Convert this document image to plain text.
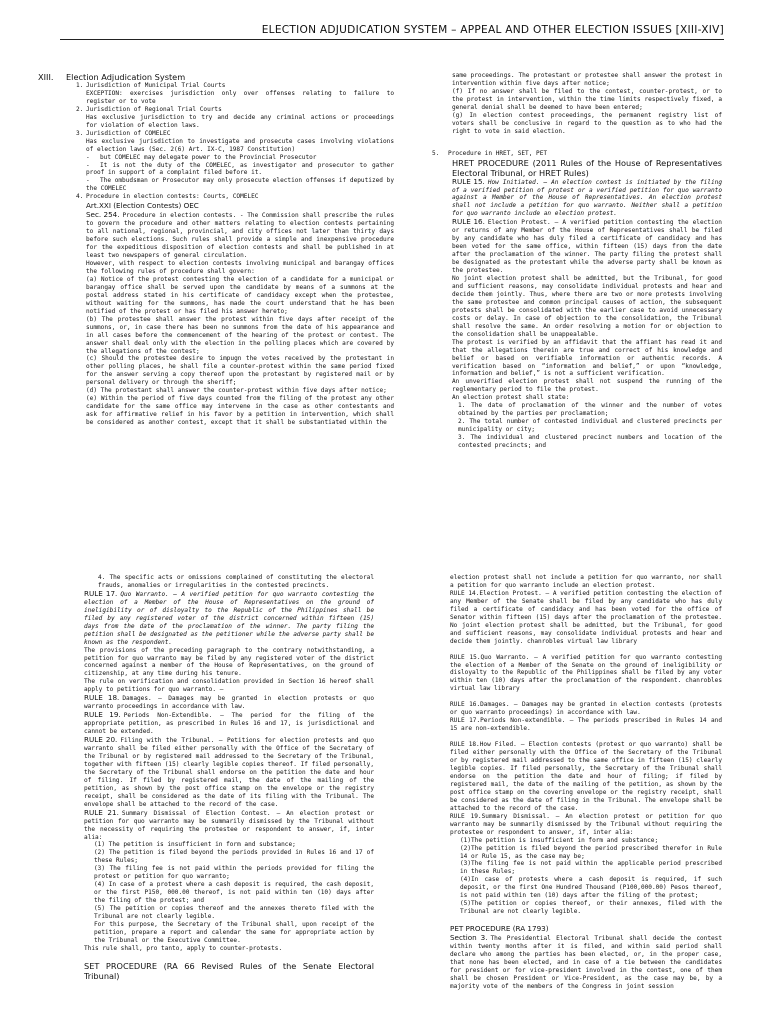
ELECTION ADJUDICATION SYSTEM – APPEAL AND OTHER ELECTION ISSUES [XIII-XIV]

XIII. Election Adjudication System

1. Jurisdiction of Municipal Trial Courts

EXCEPTION: exercises jurisdiction only over offenses relating to failure to register or to vote

2. Jurisdiction of Regional Trial Courts

Has exclusive jurisdiction to try and decide any criminal actions or proceedings for violation of election laws.

3. Jurisdiction of COMELEC

Has exclusive jurisdiction to investigate and prosecute cases involving violations of election laws (Sec. 2(6) Art. IX-C, 1987 Constitution)

- but COMELEC may delegate power to the Provincial Prosecutor

- It is not the duty of the COMELEC, as investigator and prosecutor to gather proof in support of a complaint filed before it.

- The ombudsman or Prosecutor may only prosecute election offenses if deputized by the COMELEC

4. Procedure in election contests: Courts, COMELEC

Art.XXI (Election Contests) OEC

Sec. 254. Procedure in election contests. - The Commission shall prescribe the rules to govern the procedure and other matters relating to election contests pertaining to all national, regional, provincial, and city offices not later than thirty days before such elections. Such rules shall provide a simple and inexpensive procedure for the expeditious disposition of election contests and shall be published in at least two newspapers of general circulation.

However, with respect to election contests involving municipal and barangay offices the following rules of procedure shall govern:

(a) Notice of the protest contesting the election of a candidate for a municipal or barangay office shall be served upon the candidate by means of a summons at the postal address stated in his certificate of candidacy except when the protestee, without waiting for the summons, has made the court understand that he has been notified of the protest or has filed his answer hereto;

(b) The protestee shall answer the protest within five days after receipt of the summons, or, in case there has been no summons from the date of his appearance and in all cases before the commencement of the hearing of the protest or contest. The answer shall deal only with the election in the polling places which are covered by the allegations of the contest;

(c) Should the protestee desire to impugn the votes received by the protestant in other polling places, he shall file a counter-protest within the same period fixed for the answer serving a copy thereof upon the protestant by registered mail or by personal delivery or through the sheriff;

(d) The protestant shall answer the counter-protest within five days after notice;

(e) Within the period of five days counted from the filing of the protest any other candidate for the same office may intervene in the case as other contestants and ask for affirmative relief in his favor by a petition in intervention, which shall be considered as another contest, except that it shall be substantiated within the

same proceedings. The protestant or protestee shall answer the protest in intervention within five days after notice;

(f) If no answer shall be filed to the contest, counter-protest, or to the protest in intervention, within the time limits respectively fixed, a general denial shall be deemed to have been entered;

(g) In election contest proceedings, the permanent registry list of voters shall be conclusive in regard to the question as to who had the right to vote in said election.

5. Procedure in HRET, SET, PET

HRET PROCEDURE (2011 Rules of the House of Representatives Electoral Tribunal, or HRET Rules)

RULE 15. How Initiated. – An election contest is initiated by the filing of a verified petition of protest or a verified petition for quo warranto against a Member of the House of Representatives. An election protest shall not include a petition for quo warranto. Neither shall a petition for quo warranto include an election protest.

RULE 16. Election Protest. – A verified petition contesting the election or returns of any Member of the House of Representatives shall be filed by any candidate who has duly filed a certificate of candidacy and has been voted for the same office, within fifteen (15) days from the date after the proclamation of the winner. The party filing the protest shall be designated as the protestant while the adverse party shall be known as the protestee.

No joint election protest shall be admitted, but the Tribunal, for good and sufficient reasons, may consolidate individual protests and hear and decide them jointly. Thus, where there are two or more protests involving the same protestee and common principal causes of action, the subsequent protests shall be consolidated with the earlier case to avoid unnecessary costs or delay. In case of objection to the consolidation, the Tribunal shall resolve the same. An order resolving a motion for or objection to the consolidation shall be unappealable.

The protest is verified by an affidavit that the affiant has read it and that the allegations therein are true and correct of his knowledge and belief or based on verifiable information or authentic records. A verification based on “information and belief,” or upon “knowledge, information and belief,” is not a sufficient verification.

An unverified election protest shall not suspend the running of the reglementary period to file the protest.

An election protest shall state:

1. The date of proclamation of the winner and the number of votes obtained by the parties per proclamation;

2. The total number of contested individual and clustered precincts per municipality or city;

3. The individual and clustered precinct numbers and location of the contested precincts; and

4. The specific acts or omissions complained of constituting the electoral frauds, anomalies or irregularities in the contested precincts.

RULE 17. Quo Warranto. – A verified petition for quo warranto contesting the election of a Member of the House of Representatives on the ground of ineligibility or of disloyalty to the Republic of the Philippines shall be filed by any registered voter of the district concerned within fifteen (15) days from the date of the proclamation of the winner. The party filing the petition shall be designated as the petitioner while the adverse party shall be known as the respondent.

The provisions of the preceding paragraph to the contrary notwithstanding, a petition for quo warranto may be filed by any registered voter of the district concerned against a member of the House of Representatives, on the ground of citizenship, at any time during his tenure.

The rule on verification and consolidation provided in Section 16 hereof shall apply to petitions for quo warranto. –

RULE 18. Damages. – Damages may be granted in election protests or quo warranto proceedings in accordance with law.

RULE 19. Periods Non-Extendible. – The period for the filing of the appropriate petition, as prescribed in Rules 16 and 17, is jurisdictional and cannot be extended.

RULE 20. Filing with the Tribunal. – Petitions for election protests and quo warranto shall be filed either personally with the Office of the Secretary of the Tribunal or by registered mail addressed to the Secretary of the Tribunal, together with fifteen (15) clearly legible copies thereof. If filed personally, the Secretary of the Tribunal shall endorse on the petition the date and hour of filing. If filed by registered mail, the date of the mailing of the petition, as shown by the post office stamp on the envelope or the registry receipt, shall be considered as the date of its filing with the Tribunal. The envelope shall be attached to the record of the case.

RULE 21. Summary Dismissal of Election Contest. – An election protest or petition for quo warranto may be summarily dismissed by the Tribunal without the necessity of requiring the protestee or respondent to answer, if, inter alia:

(1) The petition is insufficient in form and substance;

(2) The petition is filed beyond the periods provided in Rules 16 and 17 of these Rules;

(3) The filing fee is not paid within the periods provided for filing the protest or petition for quo warranto;

(4) In case of a protest where a cash deposit is required, the cash deposit, or the first P150, 000.00 thereof, is not paid within ten (10) days after the filing of the protest; and

(5) The petition or copies thereof and the annexes thereto filed with the Tribunal are not clearly legible.

For this purpose, the Secretary of the Tribunal shall, upon receipt of the petition, prepare a report and calendar the same for appropriate action by the Tribunal or the Executive Committee.

This rule shall, pro tanto, apply to counter-protests.

SET PROCEDURE (RA 66 Revised Rules of the Senate Electoral Tribunal)

election protest shall not include a petition for quo warranto, nor shall a petition for quo warranto include an election protest.

RULE 14.Election Protest. – A verified petition contesting the election of any Member of the Senate shall be filed by any candidate who has duly filed a certificate of candidacy and has been voted for the office of Senator within fifteen (15) days after the proclamation of the protestee. No joint election protest shall be admitted, but the Tribunal, for good and sufficient reasons, may consolidate individual protests and hear and decide them jointly. chanrobles virtual law library

RULE 15.Quo Warranto. – A verified petition for quo warranto contesting the election of a Member of the Senate on the ground of ineligibility or disloyalty to the Republic of the Philippines shall be filed by any voter within ten (10) days after the proclamation of the respondent. chanrobles virtual law library

RULE 16.Damages. – Damages may be granted in election contests (protests or quo warranto proceedings) in accordance with law.

RULE 17.Periods Non-extendible. – The periods prescribed in Rules 14 and 15 are non-extendible.

RULE 18.How Filed. – Election contests (protest or quo warranto) shall be filed either personally with the Office of the Secretary of the Tribunal or by registered mail addressed to the same office in fifteen (15) clearly legible copies. If filed personally, the Secretary of the Tribunal shall endorse on the petition the date and hour of filing; if filed by registered mail, the date of the mailing of the petition, as shown by the post office stamp on the covering envelope or the registry receipt, shall be considered as the date of filing in the Tribunal. The envelope shall be attached to the record of the case.

RULE 19.Summary Dismissal. – An election protest or petition for quo warranto may be summarily dismissed by the Tribunal without requiring the protestee or respondent to answer, if, inter alia:

(1)The petition is insufficient in form and substance;

(2)The petition is filed beyond the period prescribed therefor in Rule 14 or Rule 15, as the case may be;

(3)The filing fee is not paid within the applicable period prescribed in these Rules;

(4)In case of protests where a cash deposit is required, if such deposit, or the first One Hundred Thousand (P100,000.00) Pesos thereof, is not paid within ten (10) days after the filing of the protest;

(5)The petition or copies thereof, or their annexes, filed with the Tribunal are not clearly legible.

PET PROCEDURE (RA 1793)

Section 3. The Presidential Electoral Tribunal shall decide the contest within twenty months after it is filed, and within said period shall declare who among the parties has been elected, or, in the proper case, that none has been elected, and in case of a tie between the candidates for president or for vice-president involved in the contest, one of them shall be chosen President or Vice-President, as the case may be, by a majority vote of the members of the Congress in joint session
